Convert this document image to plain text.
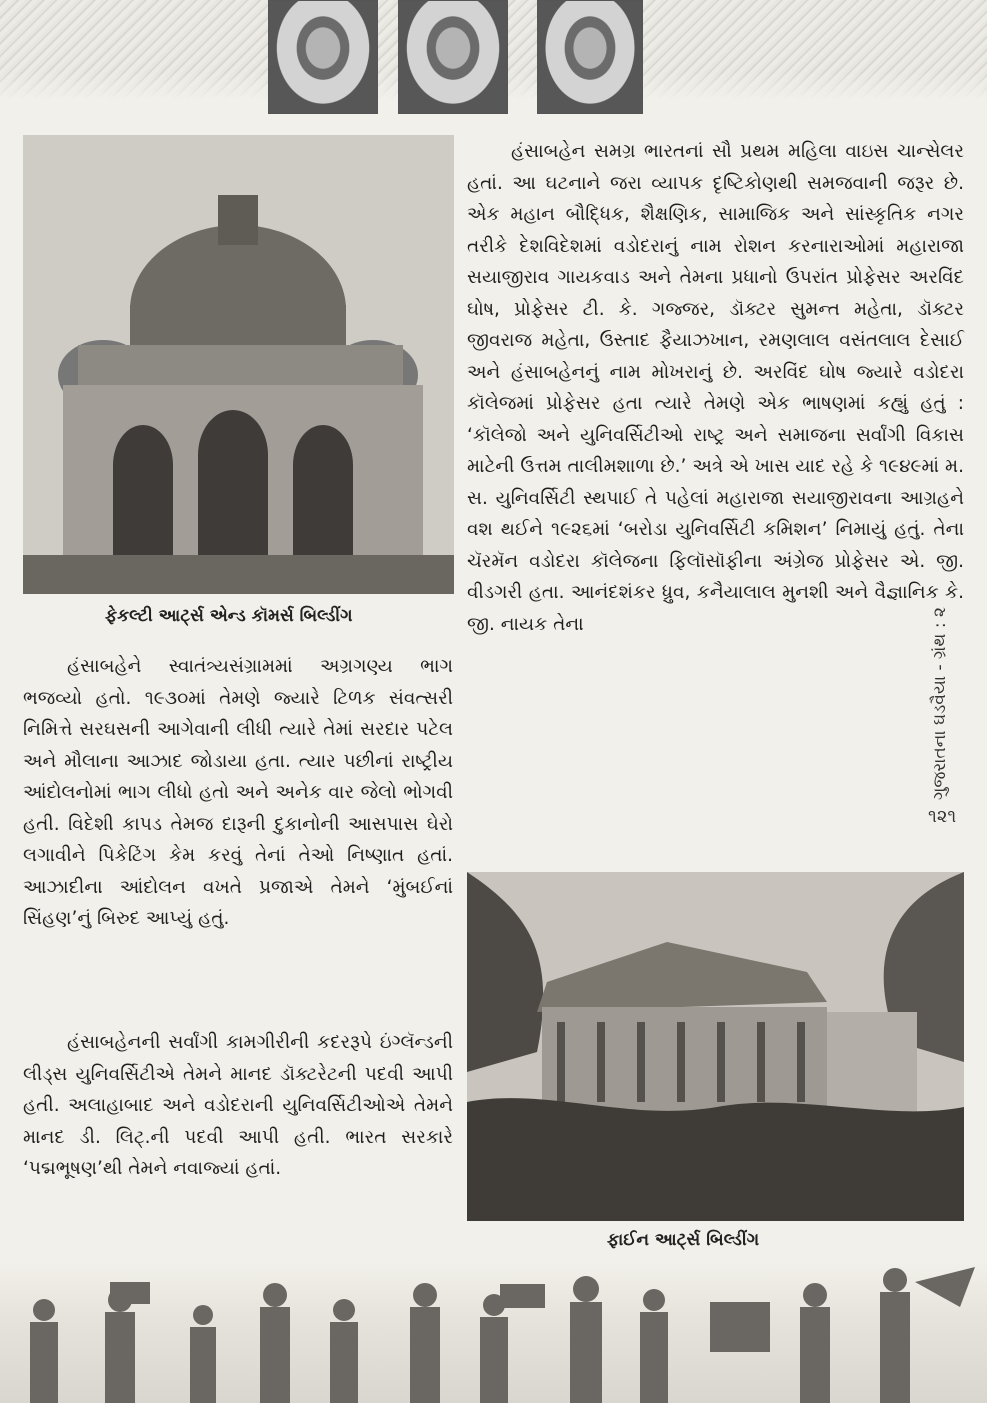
ફેકલ્ટી આર્ટ્સ એન્ડ કૉમર્સ બિલ્ડીંગ

હંસાબહેન સમગ્ર ભારતનાં સૌ પ્રથમ મહિલા વાઇસ ચાન્સેલર હતાં. આ ઘટનાને જરા વ્યાપક દૃષ્ટિકોણથી સમજવાની જરૂર છે. એક મહાન બૌદ્ધિક, શૈક્ષણિક, સામાજિક અને સાંસ્કૃતિક નગર તરીકે દેશવિદેશમાં વડોદરાનું નામ રોશન કરનારાઓમાં મહારાજા સયાજીરાવ ગાયકવાડ અને તેમના પ્રધાનો ઉપરાંત પ્રોફેસર અરવિંદ ઘોષ, પ્રોફેસર ટી. કે. ગજ્જર, ડૉક્ટર સુમન્ત મહેતા, ડૉક્ટર જીવરાજ મહેતા, ઉસ્તાદ ફૈયાઝખાન, રમણલાલ વસંતલાલ દેસાઈ અને હંસાબહેનનું નામ મોખરાનું છે. અરવિંદ ઘોષ જ્યારે વડોદરા કૉલેજમાં પ્રોફેસર હતા ત્યારે તેમણે એક ભાષણમાં કહ્યું હતું : ‘કૉલેજો અને યુનિવર્સિટીઓ રાષ્ટ્ર અને સમાજના સર્વાંગી વિકાસ માટેની ઉત્તમ તાલીમશાળા છે.’ અત્રે એ ખાસ યાદ રહે કે ૧૯૪૯માં મ. સ. યુનિવર્સિટી સ્થપાઈ તે પહેલાં મહારાજા સયાજીરાવના આગ્રહને વશ થઈને ૧૯૨૬માં ‘બરોડા યુનિવર્સિટી કમિશન’ નિમાયું હતું. તેના ચૅરમૅન વડોદરા કૉલેજના ફિલૉસૉફીના અંગ્રેજ પ્રોફેસર એ. જી. વીડગરી હતા. આનંદશંકર ધ્રુવ, કનૈયાલાલ મુનશી અને વૈજ્ઞાનિક કે. જી. નાયક તેના

હંસાબહેને સ્વાતંત્ર્યસંગ્રામમાં અગ્રગણ્ય ભાગ ભજવ્યો હતો. ૧૯૩૦માં તેમણે જ્યારે ટિળક સંવત્સરી નિમિત્તે સરઘસની આગેવાની લીધી ત્યારે તેમાં સરદાર પટેલ અને મૌલાના આઝાદ જોડાયા હતા. ત્યાર પછીનાં રાષ્ટ્રીય આંદોલનોમાં ભાગ લીધો હતો અને અનેક વાર જેલો ભોગવી હતી. વિદેશી કાપડ તેમજ દારૂની દુકાનોની આસપાસ ઘેરો લગાવીને પિકેટિંગ કેમ કરવું તેનાં તેઓ નિષ્ણાત હતાં. આઝાદીના આંદોલન વખતે પ્રજાએ તેમને ‘મુંબઈનાં સિંહણ’નું બિરુદ આપ્યું હતું.

હંસાબહેનની સર્વાંગી કામગીરીની કદરરૂપે ઇંગ્લૅન્ડની લીડ્સ યુનિવર્સિટીએ તેમને માનદ ડૉક્ટરેટની પદવી આપી હતી. અલાહાબાદ અને વડોદરાની યુનિવર્સિટીઓએ તેમને માનદ ડી. લિટ્.ની પદવી આપી હતી. ભારત સરકારે ‘પદ્મભૂષણ’થી તેમને નવાજ્યાં હતાં.

ફાઈન આર્ટ્સ બિલ્ડીંગ
ગુજરાતના ઘડવૈયા - ગ્રંથ : ૨
૧૨૧
